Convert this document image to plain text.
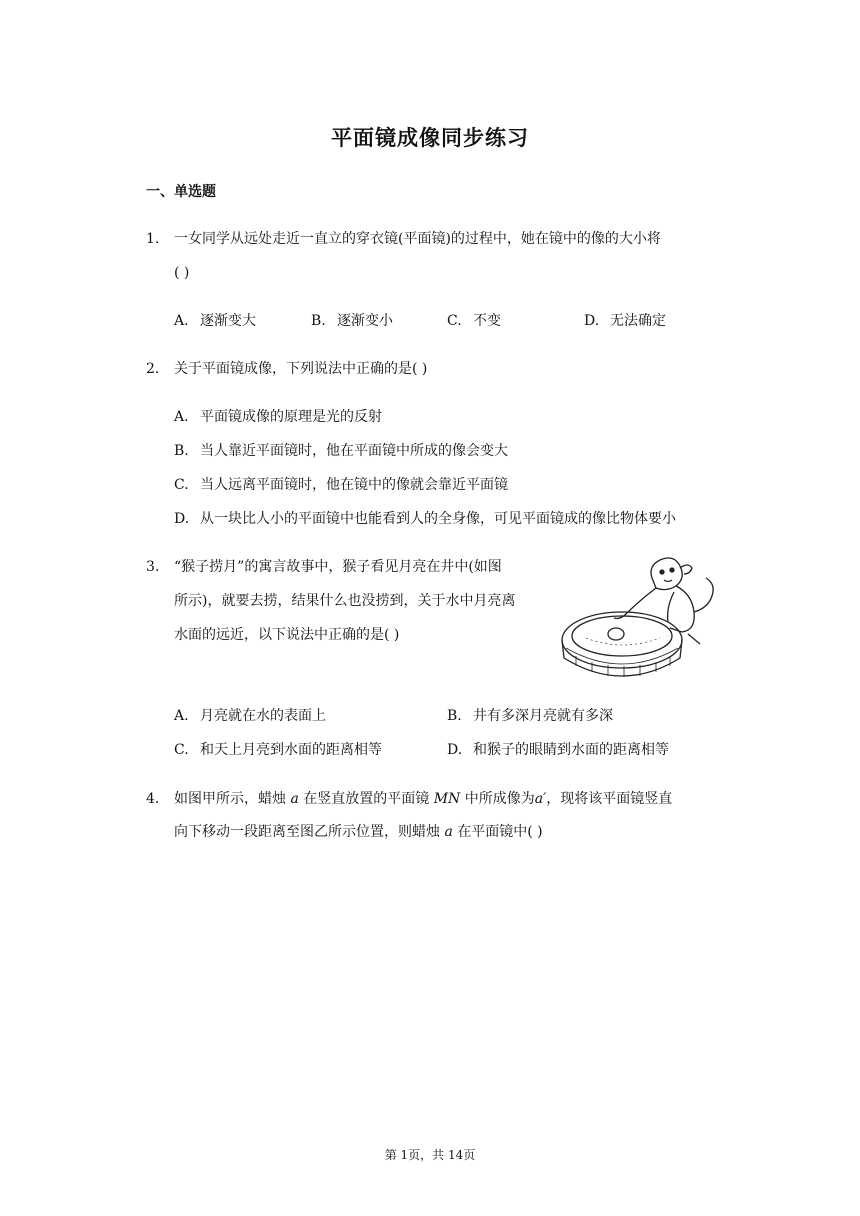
平面镜成像同步练习
一、单选题
1. 一女同学从远处走近一直立的穿衣镜(平面镜)的过程中，她在镜中的像的大小将
( )
A. 逐渐变大	B. 逐渐变小	C. 不变	D. 无法确定
2. 关于平面镜成像，下列说法中正确的是( )
A. 平面镜成像的原理是光的反射
B. 当人靠近平面镜时，他在平面镜中所成的像会变大
C. 当人远离平面镜时，他在镜中的像就会靠近平面镜
D. 从一块比人小的平面镜中也能看到人的全身像，可见平面镜成的像比物体要小
3. “猴子捞月”的寓言故事中，猴子看见月亮在井中(如图
所示)，就要去捞，结果什么也没捞到，关于水中月亮离
水面的远近，以下说法中正确的是( )
A. 月亮就在水的表面上	B. 井有多深月亮就有多深
C. 和天上月亮到水面的距离相等	D. 和猴子的眼睛到水面的距离相等
4. 如图甲所示，蜡烛 a 在竖直放置的平面镜 MN 中所成像为a′，现将该平面镜竖直
向下移动一段距离至图乙所示位置，则蜡烛 a 在平面镜中( )
第 1页，共 14页
